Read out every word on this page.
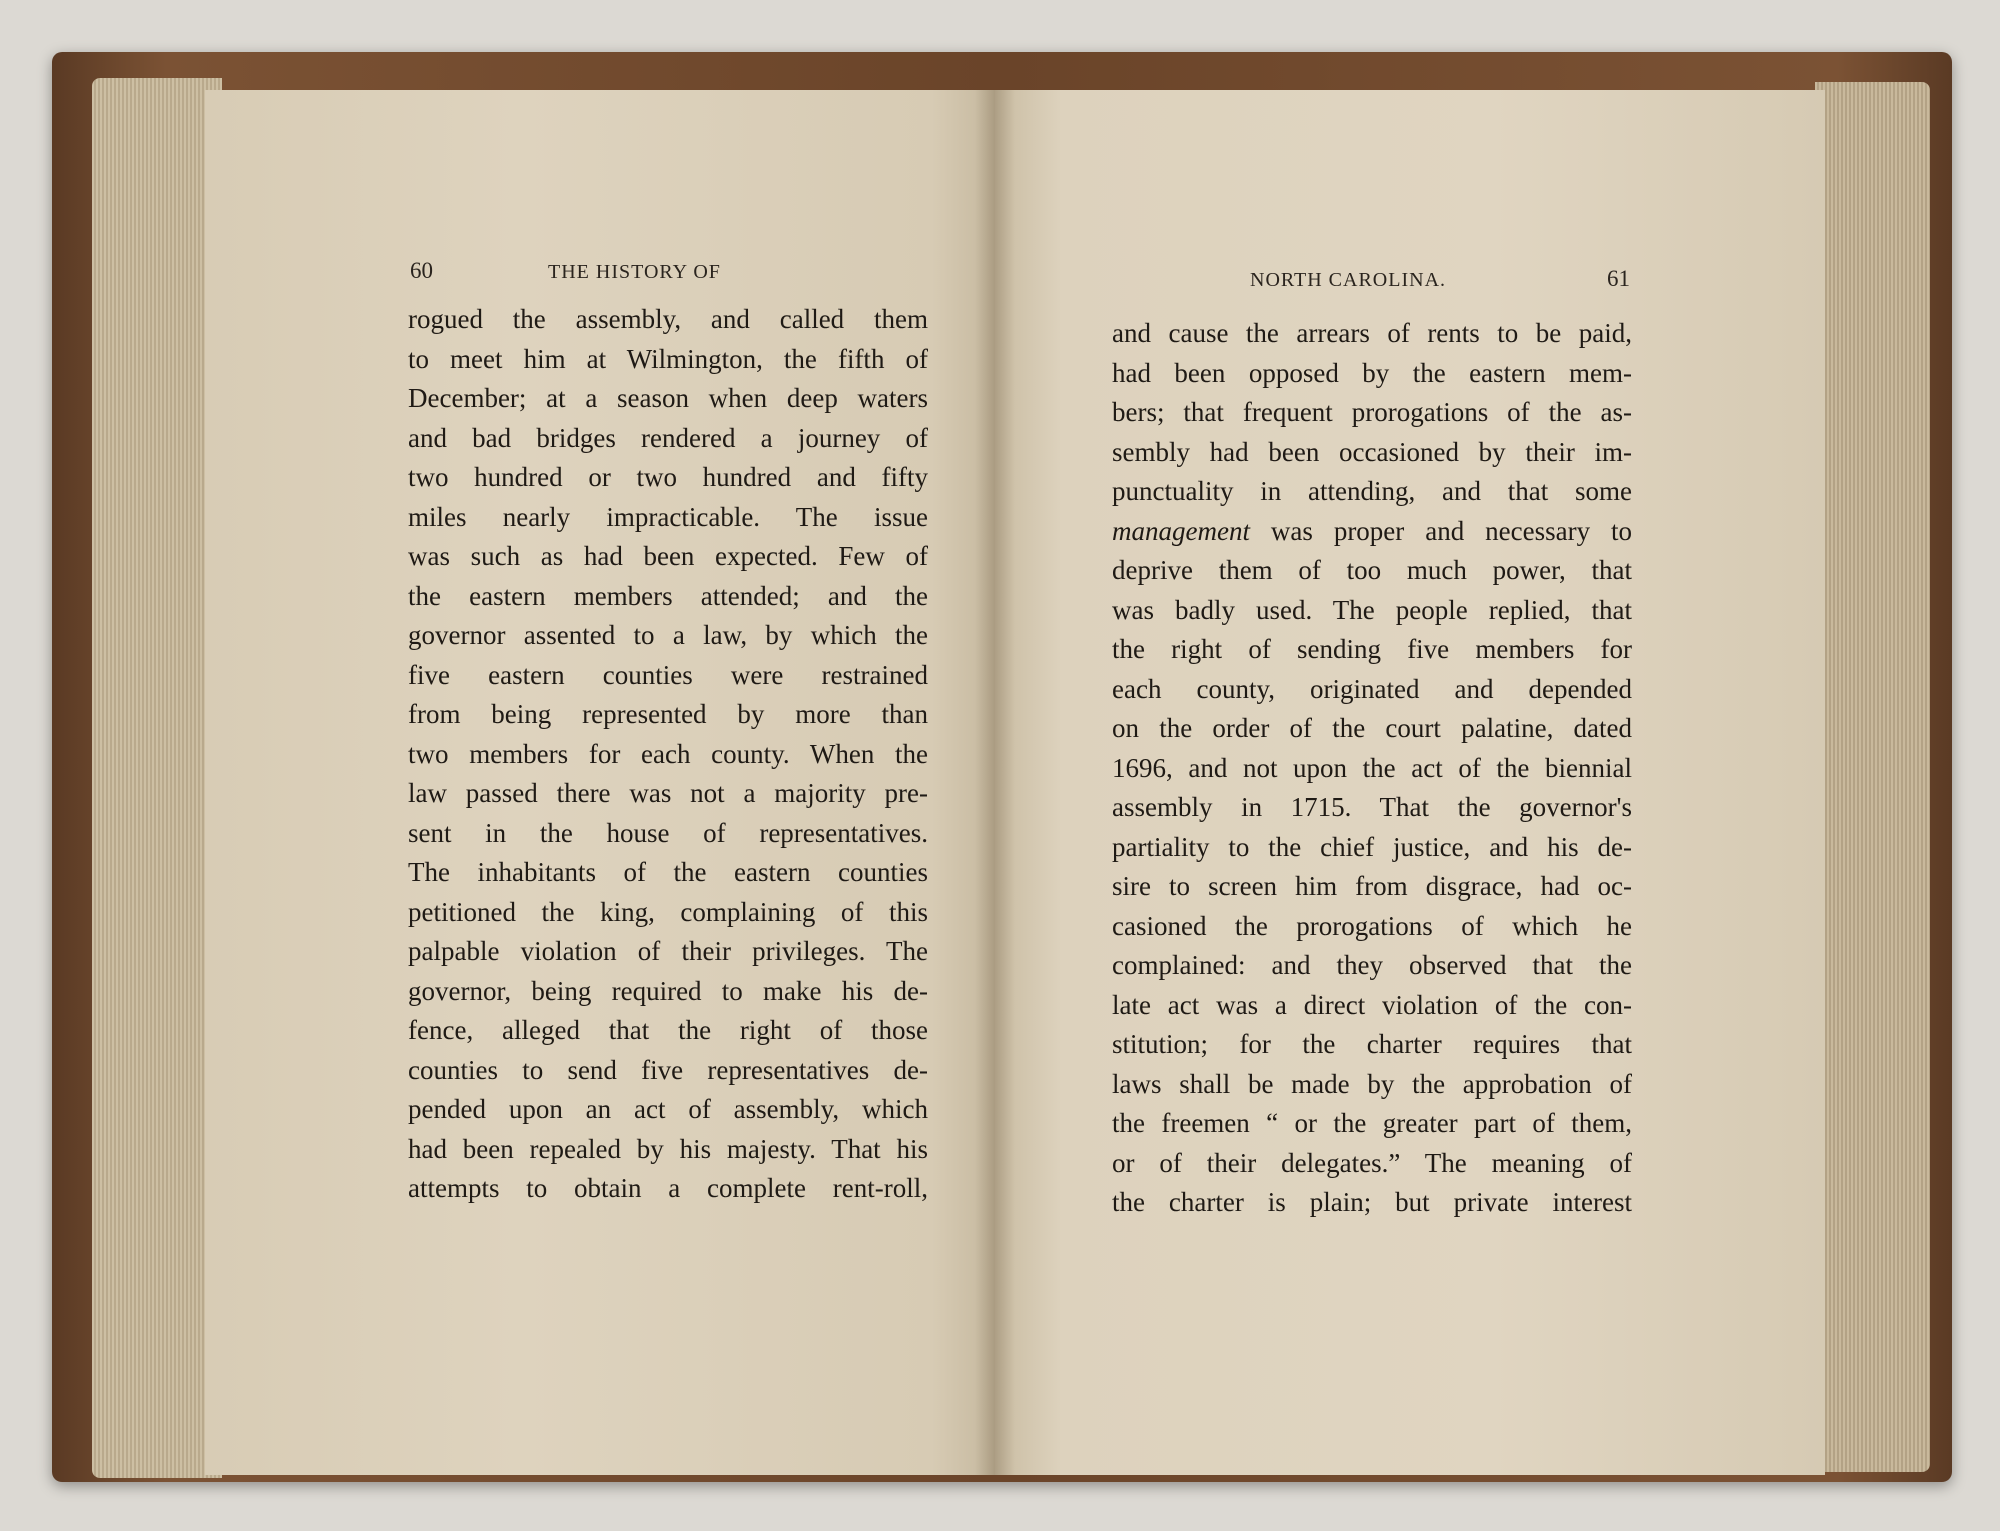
60	THE HISTORY OF	NORTH CAROLINA.	61
rogued the assembly, and called them
to meet him at Wilmington, the fifth of
December; at a season when deep waters
and bad bridges rendered a journey of
two hundred or two hundred and fifty
miles nearly impracticable. The issue
was such as had been expected. Few of
the eastern members attended; and the
governor assented to a law, by which the
five eastern counties were restrained
from being represented by more than
two members for each county. When the
law passed there was not a majority pre-
sent in the house of representatives.
The inhabitants of the eastern counties
petitioned the king, complaining of this
palpable violation of their privileges. The
governor, being required to make his de-
fence, alleged that the right of those
counties to send five representatives de-
pended upon an act of assembly, which
had been repealed by his majesty. That his
attempts to obtain a complete rent-roll,
and cause the arrears of rents to be paid,
had been opposed by the eastern mem-
bers; that frequent prorogations of the as-
sembly had been occasioned by their im-
punctuality in attending, and that some
management was proper and necessary to
deprive them of too much power, that
was badly used. The people replied, that
the right of sending five members for
each county, originated and depended
on the order of the court palatine, dated
1696, and not upon the act of the biennial
assembly in 1715. That the governor's
partiality to the chief justice, and his de-
sire to screen him from disgrace, had oc-
casioned the prorogations of which he
complained: and they observed that the
late act was a direct violation of the con-
stitution; for the charter requires that
laws shall be made by the approbation of
the freemen “ or the greater part of them,
or of their delegates.” The meaning of
the charter is plain; but private interest
